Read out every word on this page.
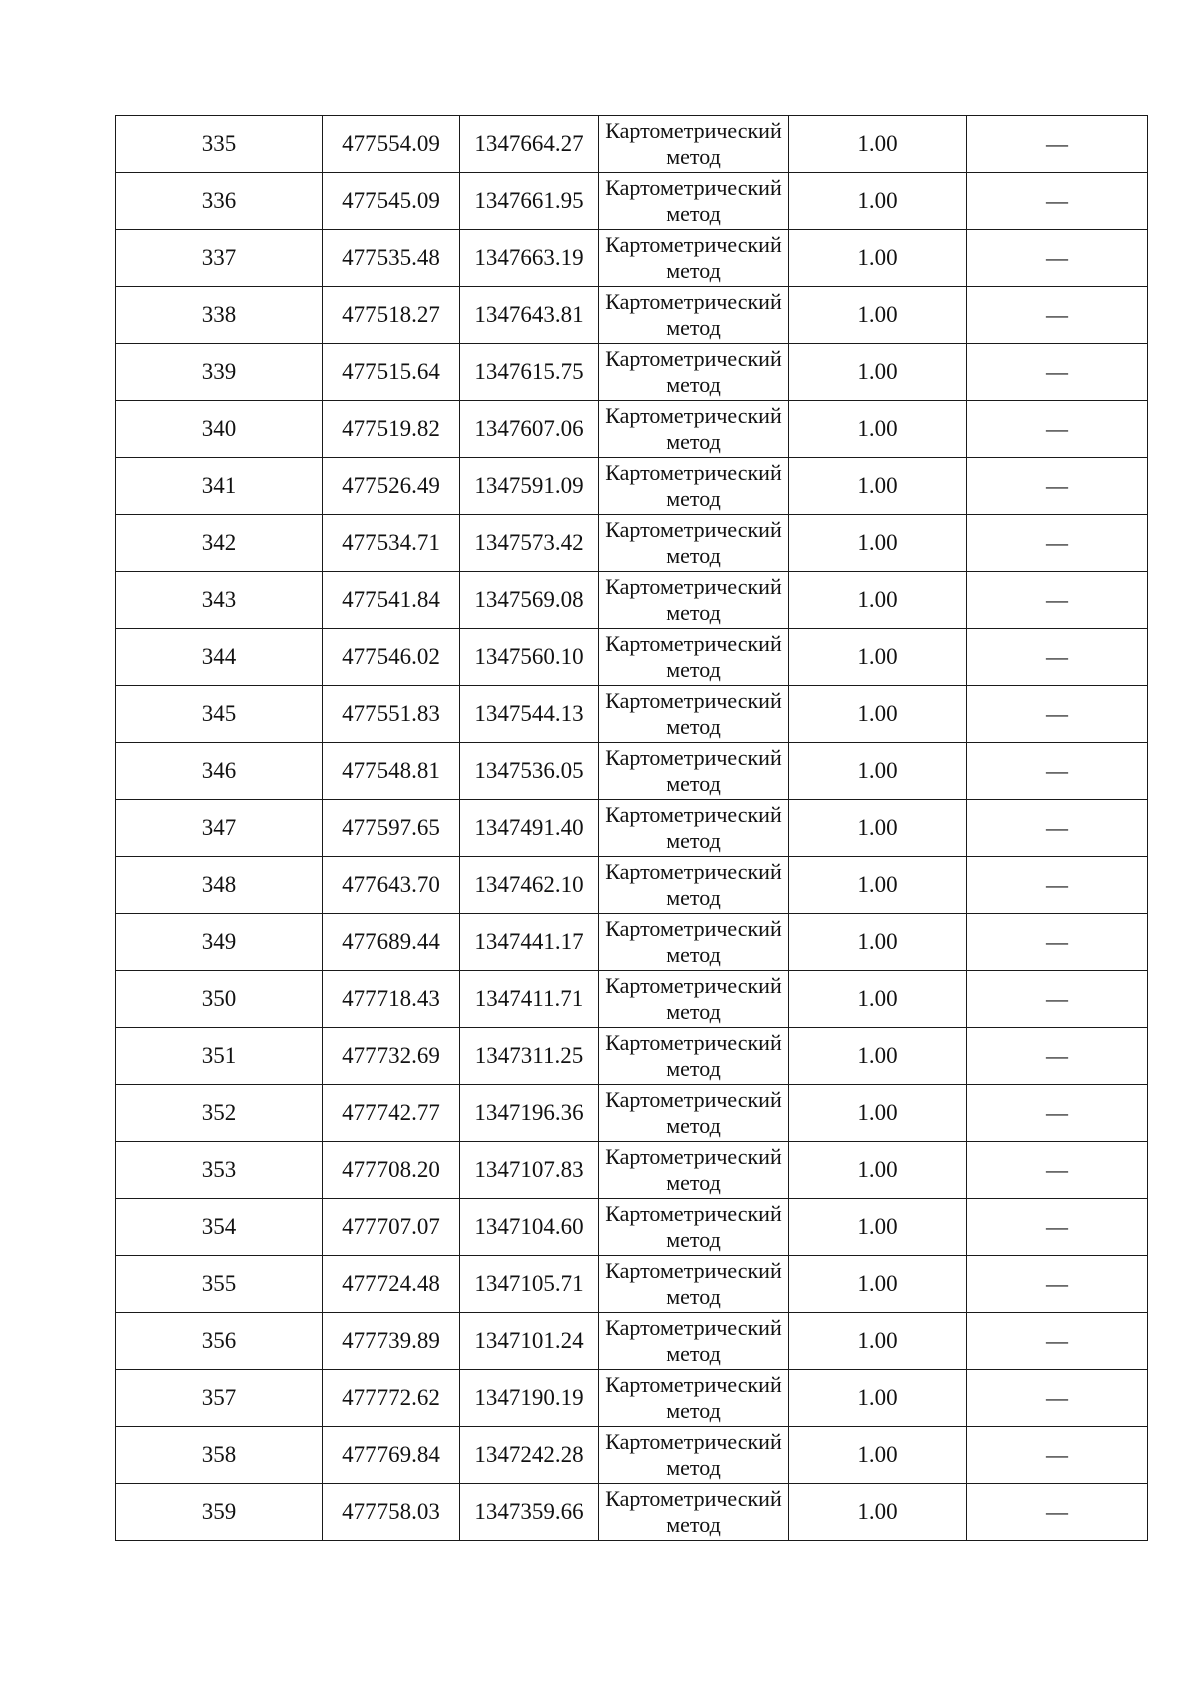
335	477554.09	1347664.27	Картометрический метод	1.00	—
336	477545.09	1347661.95	Картометрический метод	1.00	—
337	477535.48	1347663.19	Картометрический метод	1.00	—
338	477518.27	1347643.81	Картометрический метод	1.00	—
339	477515.64	1347615.75	Картометрический метод	1.00	—
340	477519.82	1347607.06	Картометрический метод	1.00	—
341	477526.49	1347591.09	Картометрический метод	1.00	—
342	477534.71	1347573.42	Картометрический метод	1.00	—
343	477541.84	1347569.08	Картометрический метод	1.00	—
344	477546.02	1347560.10	Картометрический метод	1.00	—
345	477551.83	1347544.13	Картометрический метод	1.00	—
346	477548.81	1347536.05	Картометрический метод	1.00	—
347	477597.65	1347491.40	Картометрический метод	1.00	—
348	477643.70	1347462.10	Картометрический метод	1.00	—
349	477689.44	1347441.17	Картометрический метод	1.00	—
350	477718.43	1347411.71	Картометрический метод	1.00	—
351	477732.69	1347311.25	Картометрический метод	1.00	—
352	477742.77	1347196.36	Картометрический метод	1.00	—
353	477708.20	1347107.83	Картометрический метод	1.00	—
354	477707.07	1347104.60	Картометрический метод	1.00	—
355	477724.48	1347105.71	Картометрический метод	1.00	—
356	477739.89	1347101.24	Картометрический метод	1.00	—
357	477772.62	1347190.19	Картометрический метод	1.00	—
358	477769.84	1347242.28	Картометрический метод	1.00	—
359	477758.03	1347359.66	Картометрический метод	1.00	—
